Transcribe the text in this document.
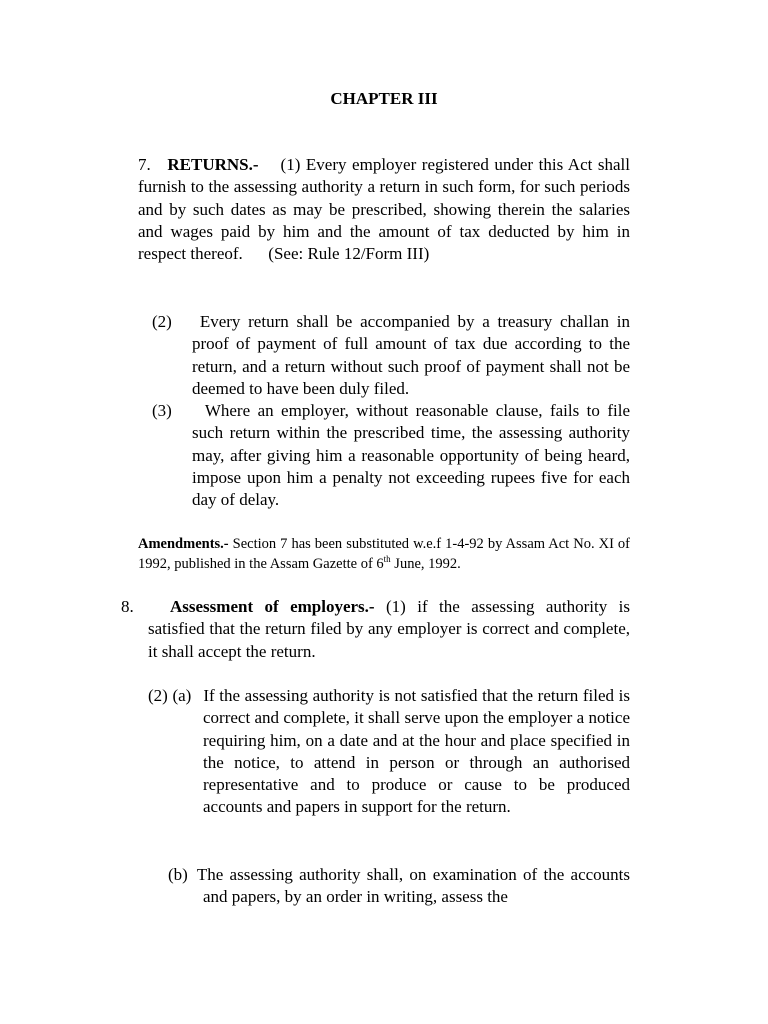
CHAPTER III
7. RETURNS.- (1) Every employer registered under this Act shall furnish to the assessing authority a return in such form, for such periods and by such dates as may be prescribed, showing therein the salaries and wages paid by him and the amount of tax deducted by him in respect thereof. (See: Rule 12/Form III)
(2) Every return shall be accompanied by a treasury challan in proof of payment of full amount of tax due according to the return, and a return without such proof of payment shall not be deemed to have been duly filed.
(3) Where an employer, without reasonable clause, fails to file such return within the prescribed time, the assessing authority may, after giving him a reasonable opportunity of being heard, impose upon him a penalty not exceeding rupees five for each day of delay.
Amendments.- Section 7 has been substituted w.e.f 1-4-92 by Assam Act No. XI of 1992, published in the Assam Gazette of 6th June, 1992.
8.	Assessment of employers.- (1) if the assessing authority is satisfied that the return filed by any employer is correct and complete, it shall accept the return.
(2) (a) If the assessing authority is not satisfied that the return filed is correct and complete, it shall serve upon the employer a notice requiring him, on a date and at the hour and place specified in the notice, to attend in person or through an authorised representative and to produce or cause to be produced accounts and papers in support for the return.
(b) The assessing authority shall, on examination of the accounts and papers, by an order in writing, assess the
